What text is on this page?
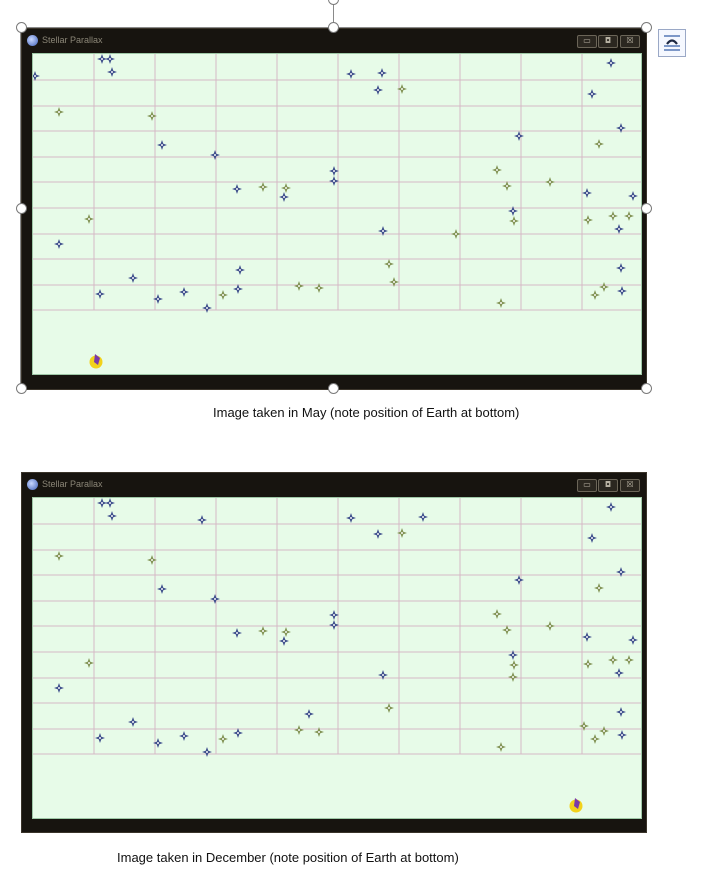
Stellar Parallax	▭	◘	☒
Image taken in May (note position of Earth at bottom)
Stellar Parallax	▭	◘	☒
Image taken in December (note position of Earth at bottom)
